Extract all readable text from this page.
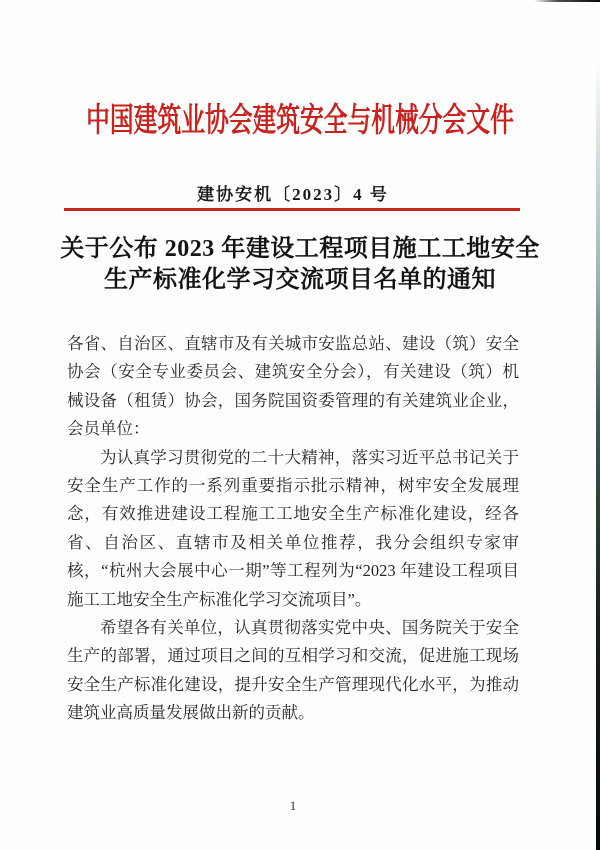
中国建筑业协会建筑安全与机械分会文件
建协安机〔2023〕4 号
关于公布 2023 年建设工程项目施工工地安全
生产标准化学习交流项目名单的通知

各省、自治区、直辖市及有关城市安监总站、建设（筑）安全协会（安全专业委员会、建筑安全分会），有关建设（筑）机械设备（租赁）协会，国务院国资委管理的有关建筑业企业，会员单位：

为认真学习贯彻党的二十大精神，落实习近平总书记关于安全生产工作的一系列重要指示批示精神，树牢安全发展理念，有效推进建设工程施工工地安全生产标准化建设，经各省、自治区、直辖市及相关单位推荐，我分会组织专家审核，“杭州大会展中心一期”等工程列为“2023 年建设工程项目施工工地安全生产标准化学习交流项目”。

希望各有关单位，认真贯彻落实党中央、国务院关于安全生产的部署，通过项目之间的互相学习和交流，促进施工现场安全生产标准化建设，提升安全生产管理现代化水平，为推动建筑业高质量发展做出新的贡献。

1
